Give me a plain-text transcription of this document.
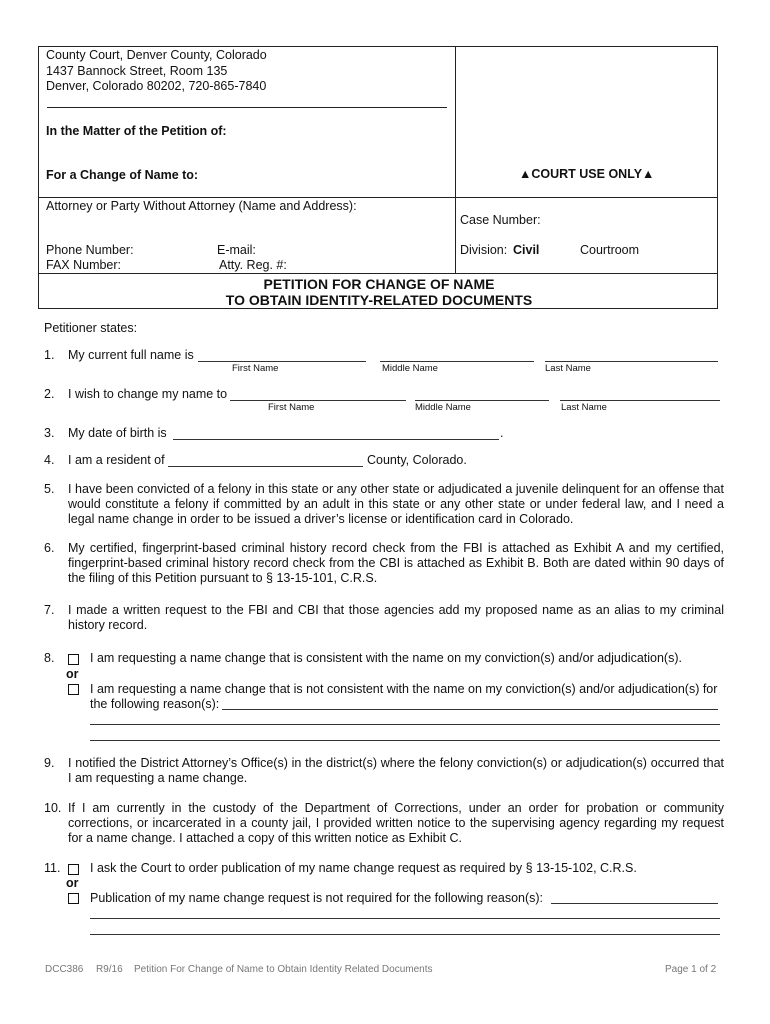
County Court, Denver County, Colorado
1437 Bannock Street, Room 135
Denver, Colorado 80202, 720-865-7840
In the Matter of the Petition of:
For a Change of Name to:	▲COURT USE ONLY▲
Attorney or Party Without Attorney (Name and Address):
Phone Number:	E-mail:
FAX Number:	Atty. Reg. #:
Case Number:
Division: Civil	Courtroom
PETITION FOR CHANGE OF NAME
TO OBTAIN IDENTITY-RELATED DOCUMENTS
Petitioner states:
1. My current full name is
First Name	Middle Name	Last Name
2. I wish to change my name to
First Name	Middle Name	Last Name
3. My date of birth is	.
4. I am a resident of	County, Colorado.
5. I have been convicted of a felony in this state or any other state or adjudicated a juvenile delinquent for an offense that would constitute a felony if committed by an adult in this state or any other state or under federal law, and I need a legal name change in order to be issued a driver’s license or identification card in Colorado.
6. My certified, fingerprint-based criminal history record check from the FBI is attached as Exhibit A and my certified, fingerprint-based criminal history record check from the CBI is attached as Exhibit B. Both are dated within 90 days of the filing of this Petition pursuant to § 13-15-101, C.R.S.
7. I made a written request to the FBI and CBI that those agencies add my proposed name as an alias to my criminal history record.
8.	I am requesting a name change that is consistent with the name on my conviction(s) and/or adjudication(s).
or
I am requesting a name change that is not consistent with the name on my conviction(s) and/or adjudication(s) for
the following reason(s):
9. I notified the District Attorney’s Office(s) in the district(s) where the felony conviction(s) or adjudication(s) occurred that I am requesting a name change.
10. If I am currently in the custody of the Department of Corrections, under an order for probation or community corrections, or incarcerated in a county jail, I provided written notice to the supervising agency regarding my request for a name change. I attached a copy of this written notice as Exhibit C.
11. I ask the Court to order publication of my name change request as required by § 13-15-102, C.R.S.
or
Publication of my name change request is not required for the following reason(s):
DCC386 R9/16 Petition For Change of Name to Obtain Identity Related Documents	Page 1 of 2
